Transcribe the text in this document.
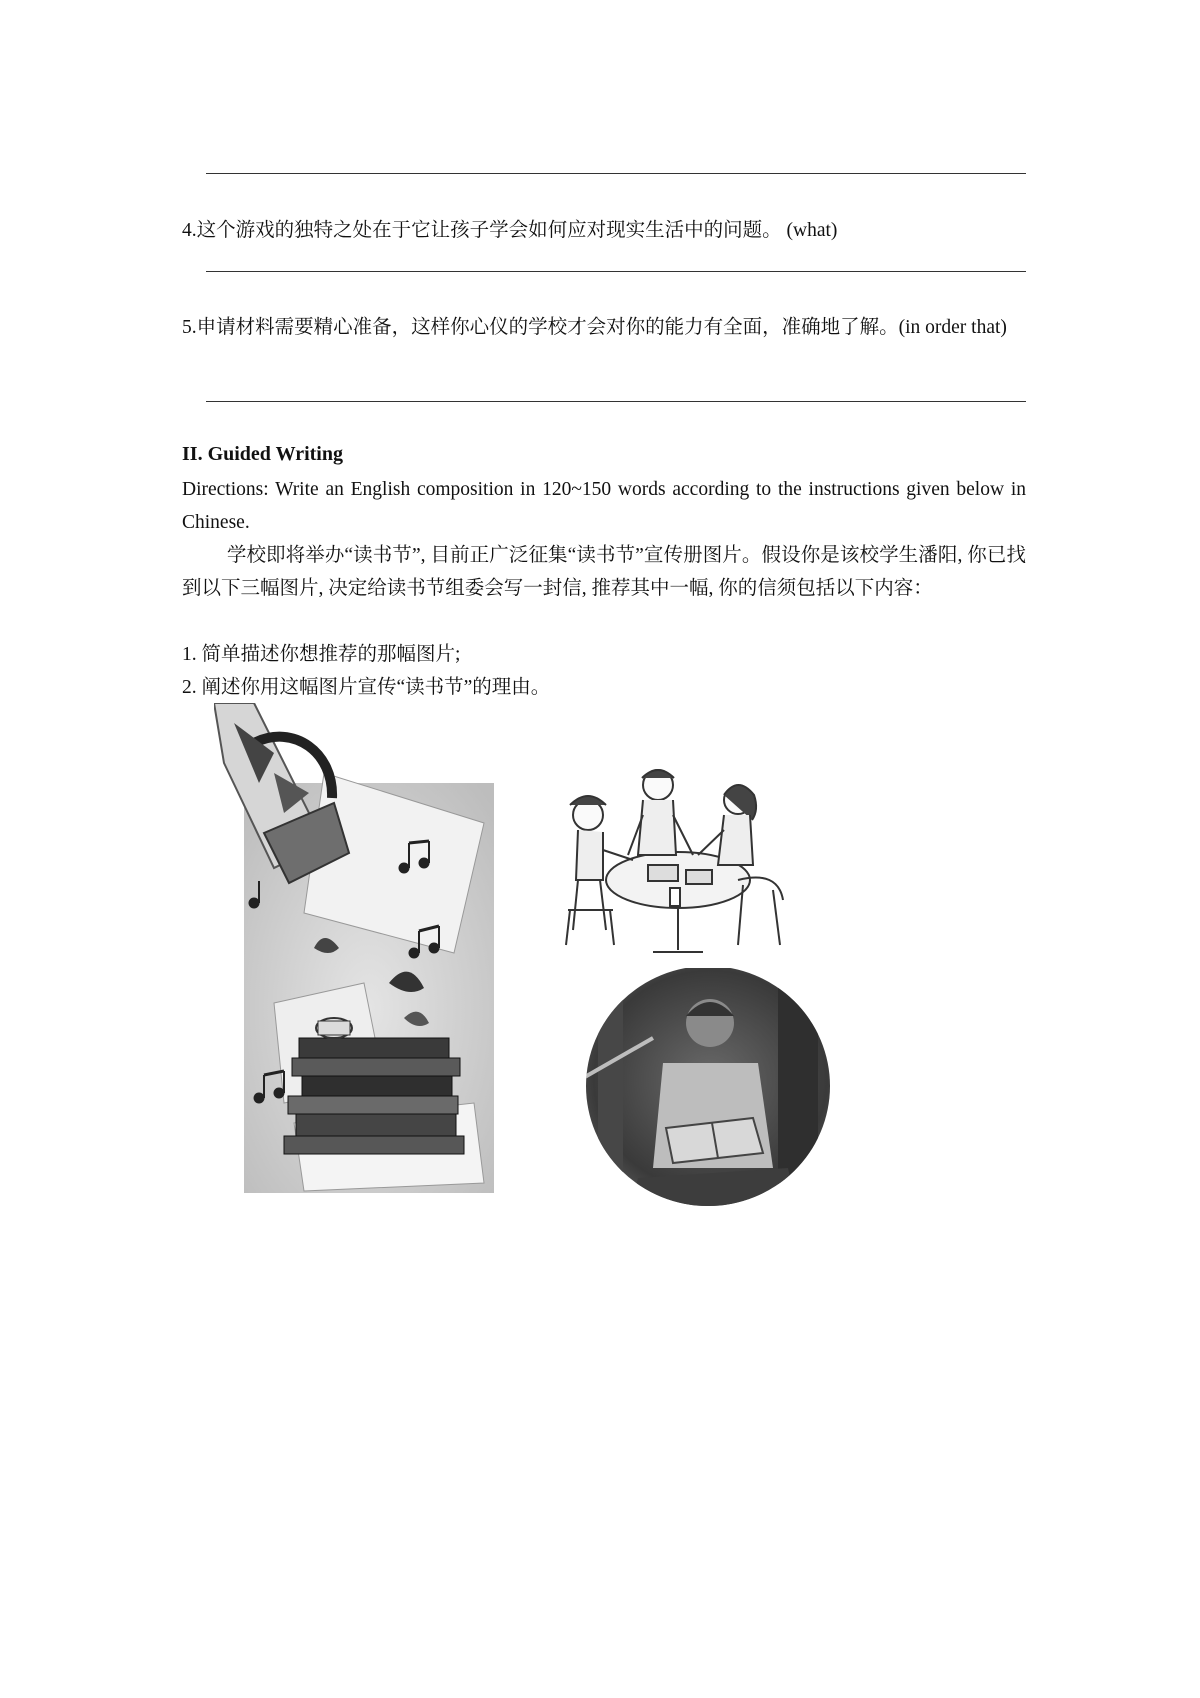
4.这个游戏的独特之处在于它让孩子学会如何应对现实生活中的问题。 (what)

5.申请材料需要精心准备，这样你心仪的学校才会对你的能力有全面，准确地了解。(in order that)

II. Guided Writing

Directions: Write an English composition in 120~150 words according to the instructions given below in Chinese.

学校即将举办“读书节”, 目前正广泛征集“读书节”宣传册图片。假设你是该校学生潘阳, 你已找到以下三幅图片, 决定给读书节组委会写一封信, 推荐其中一幅, 你的信须包括以下内容：

1. 简单描述你想推荐的那幅图片;
2. 阐述你用这幅图片宣传“读书节”的理由。
